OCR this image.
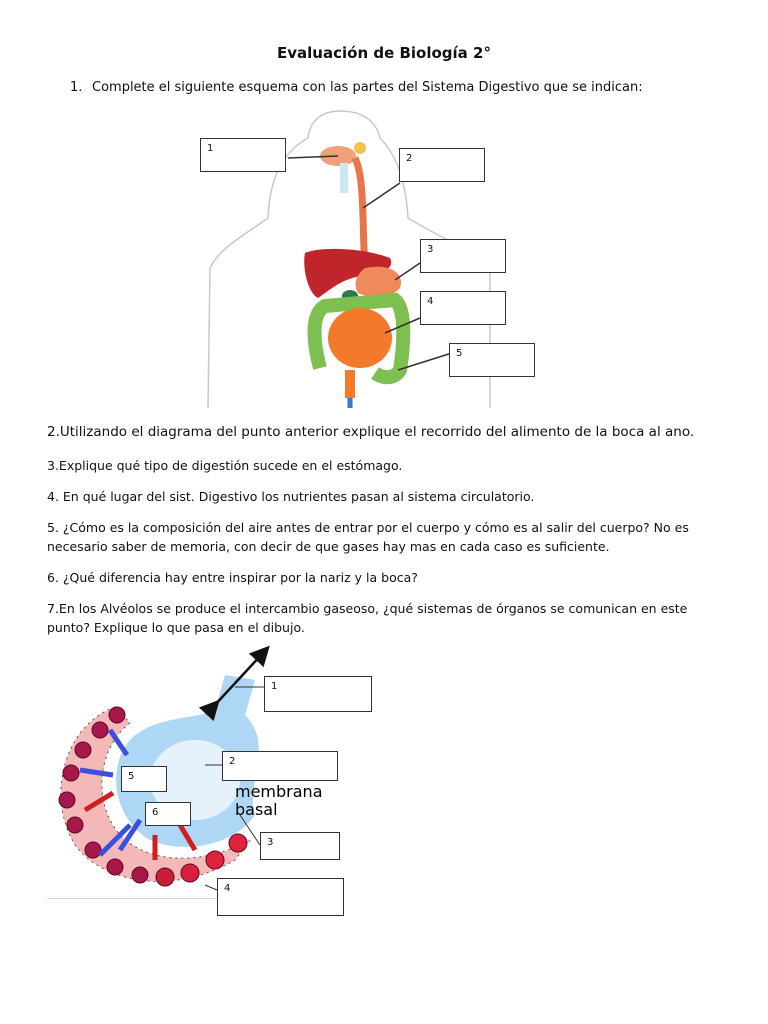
Evaluación de Biología 2°
1. Complete el siguiente esquema con las partes del Sistema Digestivo que se indican:
1
2
3
4
5
2.Utilizando el diagrama del punto anterior explique el recorrido del alimento de la boca al ano.
3.Explique qué tipo de digestión sucede en el estómago.
4. En qué lugar del sist. Digestivo los nutrientes pasan al sistema circulatorio.
5. ¿Cómo es la composición del aire antes de entrar por el cuerpo y cómo es al salir del cuerpo? No es necesario saber de memoria, con decir de que gases hay mas en cada caso es suficiente.
6. ¿Qué diferencia hay entre inspirar por la nariz y la boca?
7.En los Alvéolos se produce el intercambio gaseoso, ¿qué sistemas de órganos se comunican en este punto? Explique lo que pasa en el dibujo.
membrana
basal
1
2
3
4
5
6
